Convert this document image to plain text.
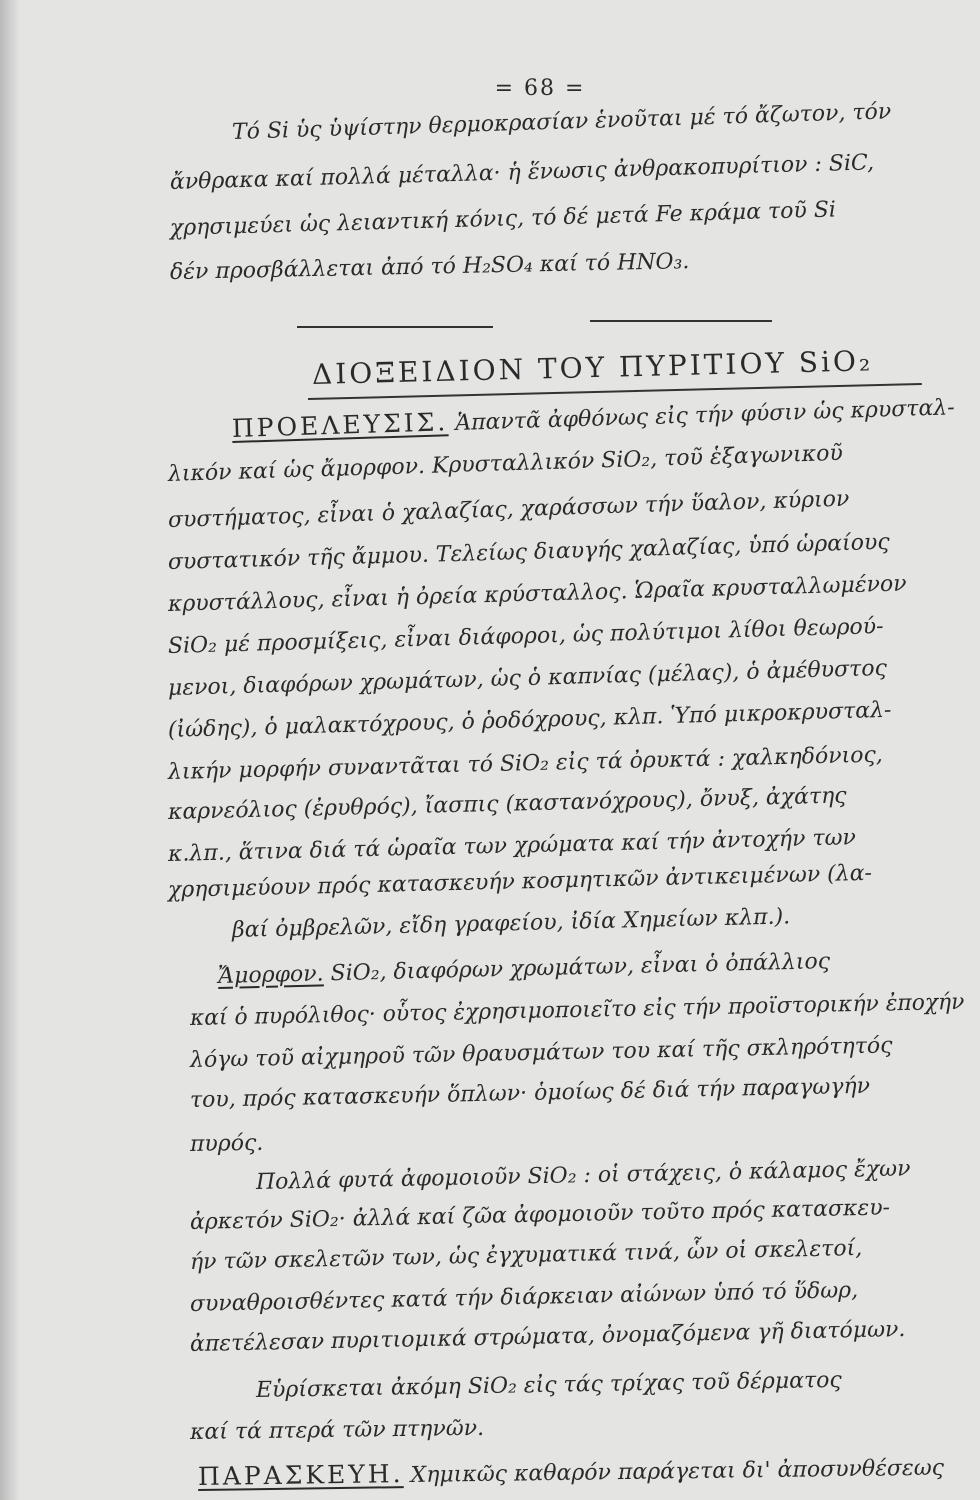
= 68 =
Τό Si ὑς ὑψίστην θερμοκρασίαν ἑνοῦται μέ τό ἄζωτον, τόν
ἄνθρακα καί πολλά μέταλλα· ἡ ἕνωσις ἀνθρακοπυρίτιον : SiC,
χρησιμεύει ὡς λειαντική κόνις, τό δέ μετά Fe κράμα τοῦ Si
δέν προσβάλλεται ἀπό τό H₂SO₄ καί τό HNO₃.
ΔΙΟΞΕΙΔΙΟΝ ΤΟΥ ΠΥΡΙΤΙΟΥ SiO₂
ΠΡΟΕΛΕΥΣΙΣ. Ἁπαντᾶ ἀφθόνως εἰς τήν φύσιν ὡς κρυσταλ-
λικόν καί ὡς ἄμορφον. Κρυσταλλικόν SiO₂, τοῦ ἑξαγωνικοῦ
συστήματος, εἶναι ὁ χαλαζίας, χαράσσων τήν ὕαλον, κύριον
συστατικόν τῆς ἄμμου. Τελείως διαυγής χαλαζίας, ὑπό ὡραίους
κρυστάλλους, εἶναι ἡ ὀρεία κρύσταλλος. Ὡραῖα κρυσταλλωμένον
SiO₂ μέ προσμίξεις, εἶναι διάφοροι, ὡς πολύτιμοι λίθοι θεωρού-
μενοι, διαφόρων χρωμάτων, ὡς ὁ καπνίας (μέλας), ὁ ἀμέθυστος
(ἰώδης), ὁ μαλακτόχρους, ὁ ῥοδόχρους, κλπ. Ὑπό μικροκρυσταλ-
λικήν μορφήν συναντᾶται τό SiO₂ εἰς τά ὀρυκτά : χαλκηδόνιος,
καρνεόλιος (ἐρυθρός), ἴασπις (καστανόχρους), ὄνυξ, ἀχάτης
κ.λπ., ἅτινα διά τά ὡραῖα των χρώματα καί τήν ἀντοχήν των
χρησιμεύουν πρός κατασκευήν κοσμητικῶν ἀντικειμένων (λα-
βαί ὀμβρελῶν, εἴδη γραφείου, ἰδία Χημείων κλπ.).
Ἄμορφον. SiO₂, διαφόρων χρωμάτων, εἶναι ὁ ὀπάλλιος
καί ὁ πυρόλιθος· οὗτος ἐχρησιμοποιεῖτο εἰς τήν προϊστορικήν ἐποχήν
λόγω τοῦ αἰχμηροῦ τῶν θραυσμάτων του καί τῆς σκληρότητός
του, πρός κατασκευήν ὅπλων· ὁμοίως δέ διά τήν παραγωγήν
πυρός.
Πολλά φυτά ἀφομοιοῦν SiO₂ : οἱ στάχεις, ὁ κάλαμος ἔχων
ἀρκετόν SiO₂· ἀλλά καί ζῶα ἀφομοιοῦν τοῦτο πρός κατασκευ-
ήν τῶν σκελετῶν των, ὡς ἐγχυματικά τινά, ὧν οἱ σκελετοί,
συναθροισθέντες κατά τήν διάρκειαν αἰώνων ὑπό τό ὕδωρ,
ἀπετέλεσαν πυριτιομικά στρώματα, ὀνομαζόμενα γῆ διατόμων.
Εὑρίσκεται ἀκόμη SiO₂ εἰς τάς τρίχας τοῦ δέρματος
καί τά πτερά τῶν πτηνῶν.
ΠΑΡΑΣΚΕΥΗ. Χημικῶς καθαρόν παράγεται δι' ἀποσυνθέσεως
